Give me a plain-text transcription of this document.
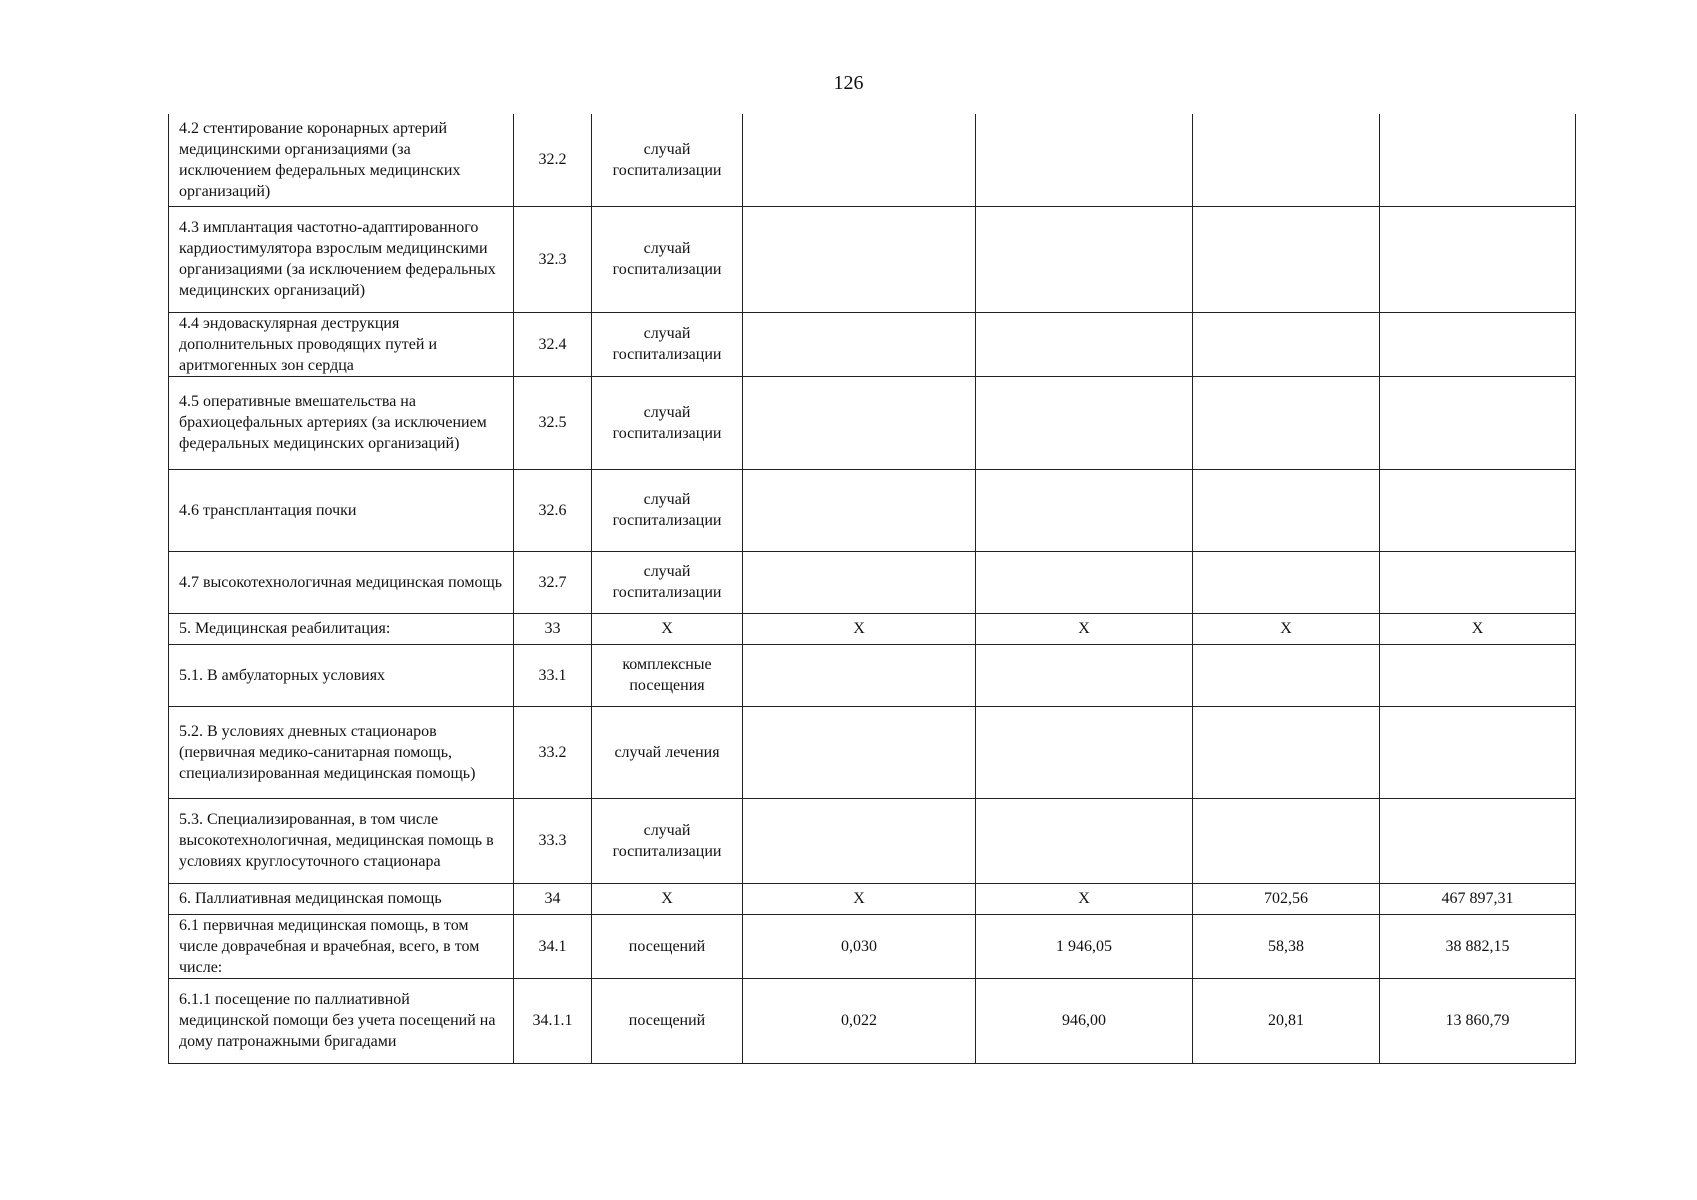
126
4.2 стентирование коронарных артерий медицинскими организациями (за исключением федеральных медицинских организаций)	32.2	случай госпитализации				
4.3 имплантация частотно-адаптированного кардиостимулятора взрослым медицинскими организациями (за исключением федеральных медицинских организаций)	32.3	случай госпитализации				
4.4 эндоваскулярная деструкция дополнительных проводящих путей и аритмогенных зон сердца	32.4	случай госпитализации				
4.5 оперативные вмешательства на брахиоцефальных артериях (за исключением федеральных медицинских организаций)	32.5	случай госпитализации				
4.6 трансплантация почки	32.6	случай госпитализации				
4.7 высокотехнологичная медицинская помощь	32.7	случай госпитализации				
5. Медицинская реабилитация:	33	Х	Х	Х	Х	Х
5.1. В амбулаторных условиях	33.1	комплексные посещения				
5.2. В условиях дневных стационаров (первичная медико-санитарная помощь, специализированная медицинская помощь)	33.2	случай лечения				
5.3. Специализированная, в том числе высокотехнологичная, медицинская помощь в условиях круглосуточного стационара	33.3	случай госпитализации				
6. Паллиативная медицинская помощь	34	Х	Х	Х	702,56	467 897,31
6.1 первичная медицинская помощь, в том числе доврачебная и врачебная, всего, в том числе:	34.1	посещений	0,030	1 946,05	58,38	38 882,15
6.1.1 посещение по паллиативной медицинской помощи без учета посещений на дому патронажными бригадами	34.1.1	посещений	0,022	946,00	20,81	13 860,79
